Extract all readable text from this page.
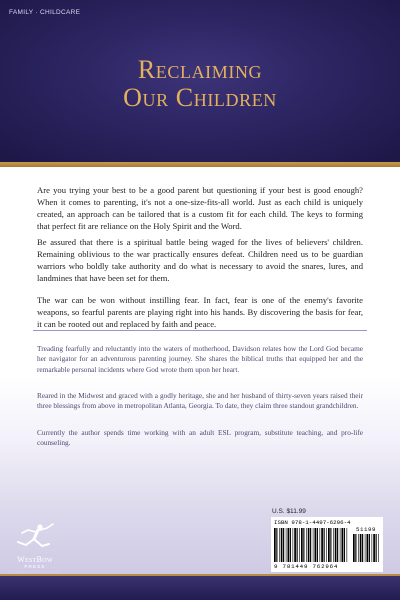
FAMILY · CHILDCARE
Reclaiming
Our Children

Are you trying your best to be a good parent but questioning if your best is good enough? When it comes to parenting, it's not a one-size-fits-all world. Just as each child is uniquely created, an approach can be tailored that is a custom fit for each child. The keys to forming that perfect fit are reliance on the Holy Spirit and the Word.

Be assured that there is a spiritual battle being waged for the lives of believers' children. Remaining oblivious to the war practically ensures defeat. Children need us to be guardian warriors who boldly take authority and do what is necessary to avoid the snares, lures, and landmines that have been set for them.

The war can be won without instilling fear. In fact, fear is one of the enemy's favorite weapons, so fearful parents are playing right into his hands. By discovering the basis for fear, it can be rooted out and replaced by faith and peace.

Treading fearfully and reluctantly into the waters of motherhood, Davidson relates how the Lord God became her navigator for an adventurous parenting journey. She shares the biblical truths that equipped her and the remarkable personal incidents where God wrote them upon her heart.

Reared in the Midwest and graced with a godly heritage, she and her husband of thirty-seven years raised their three blessings from above in metropolitan Atlanta, Georgia. To date, they claim three standout grandchildren.

Currently the author spends time working with an adult ESL program, substitute teaching, and pro-life counseling.

WestBow
PRESS
A DIVISION OF THOMAS NELSON
U.S. $11.99
ISBN 978-1-4497-6296-4
51199
9 781449 762964
